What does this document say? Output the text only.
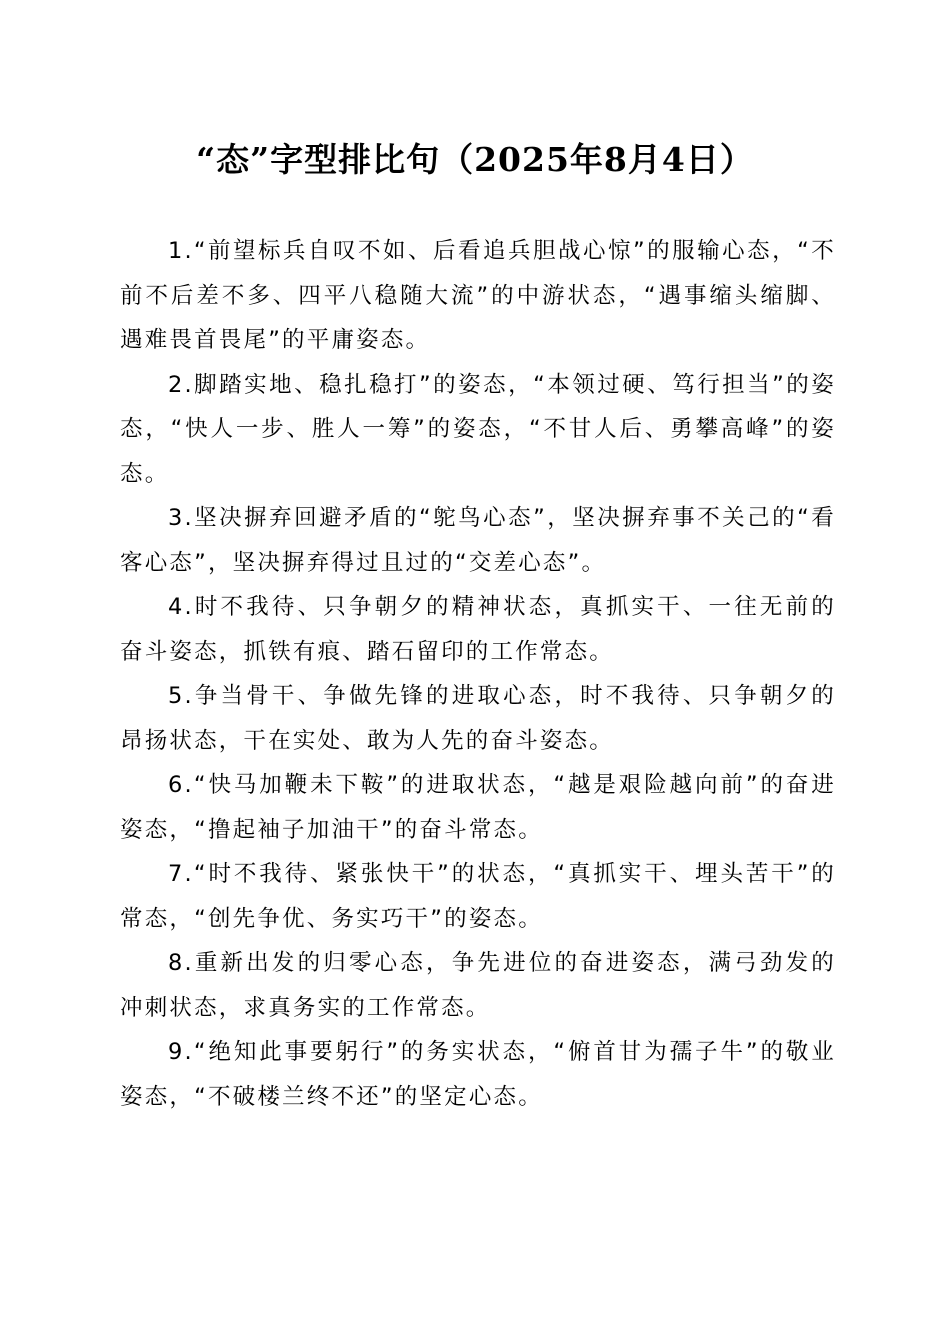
“态”字型排比句（2025年8月4日）

1.“前望标兵自叹不如、后看追兵胆战心惊”的服输心态，“不前不后差不多、四平八稳随大流”的中游状态，“遇事缩头缩脚、遇难畏首畏尾”的平庸姿态。

2.脚踏实地、稳扎稳打”的姿态，“本领过硬、笃行担当”的姿态，“快人一步、胜人一筹”的姿态，“不甘人后、勇攀高峰”的姿态。

3.坚决摒弃回避矛盾的“鸵鸟心态”，坚决摒弃事不关己的“看客心态”，坚决摒弃得过且过的“交差心态”。

4.时不我待、只争朝夕的精神状态，真抓实干、一往无前的奋斗姿态，抓铁有痕、踏石留印的工作常态。

5.争当骨干、争做先锋的进取心态，时不我待、只争朝夕的昂扬状态，干在实处、敢为人先的奋斗姿态。

6.“快马加鞭未下鞍”的进取状态，“越是艰险越向前”的奋进姿态，“撸起袖子加油干”的奋斗常态。

7.“时不我待、紧张快干”的状态，“真抓实干、埋头苦干”的常态，“创先争优、务实巧干”的姿态。

8.重新出发的归零心态，争先进位的奋进姿态，满弓劲发的冲刺状态，求真务实的工作常态。

9.“绝知此事要躬行”的务实状态，“俯首甘为孺子牛”的敬业姿态，“不破楼兰终不还”的坚定心态。
